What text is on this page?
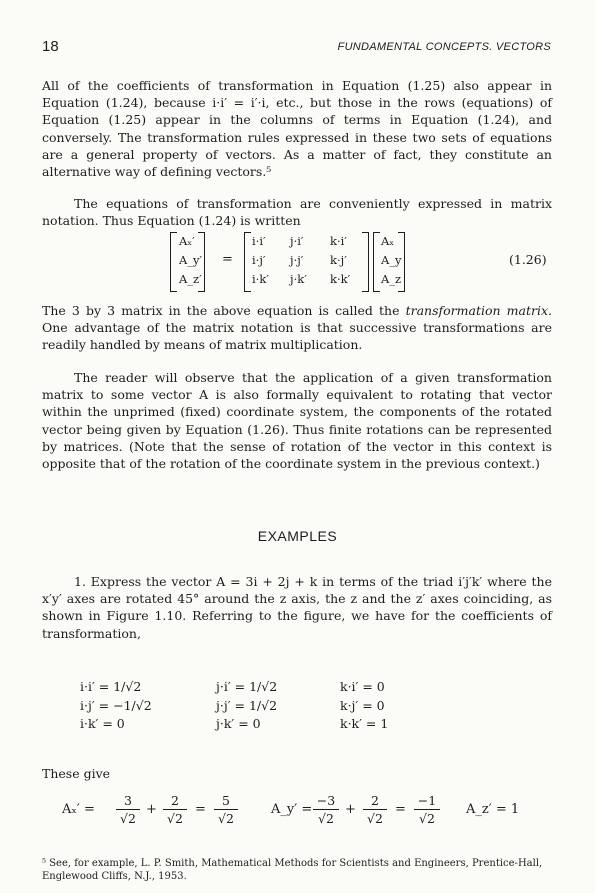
18	FUNDAMENTAL CONCEPTS. VECTORS

All of the coefficients of transformation in Equation (1.25) also appear in Equation (1.24), because i·i′ = i′·i, etc., but those in the rows (equations) of Equation (1.25) appear in the columns of terms in Equation (1.24), and conversely. The transformation rules expressed in these two sets of equations are a general property of vectors. As a matter of fact, they constitute an alternative way of defining vectors.⁵

The equations of transformation are conveniently expressed in matrix notation. Thus Equation (1.24) is written

Aₓ′
A_y′
A_z′
=
i·i′ j·i′ k·i′
i·j′ j·j′ k·j′
i·k′ j·k′ k·k′
Aₓ
A_y
A_z
(1.26)

The 3 by 3 matrix in the above equation is called the transformation matrix. One advantage of the matrix notation is that successive transformations are readily handled by means of matrix multiplication.

The reader will observe that the application of a given transformation matrix to some vector A is also formally equivalent to rotating that vector within the unprimed (fixed) coordinate system, the components of the rotated vector being given by Equation (1.26). Thus finite rotations can be represented by matrices. (Note that the sense of rotation of the vector in this context is opposite that of the rotation of the coordinate system in the previous context.)

EXAMPLES

1. Express the vector A = 3i + 2j + k in terms of the triad i′j′k′ where the x′y′ axes are rotated 45° around the z axis, the z and the z′ axes coinciding, as shown in Figure 1.10. Referring to the figure, we have for the coefficients of transformation,

i·i′ = 1/√2	j·i′ = 1/√2	k·i′ = 0
i·j′ = −1/√2	j·j′ = 1/√2	k·j′ = 0
i·k′ = 0	j·k′ = 0	k·k′ = 1
These give
Aₓ′ =
3
√2
+
2
√2
=
5
√2
A_y′ =
−3
√2
+
2
√2
=
−1
√2
A_z′ = 1
⁵ See, for example, L. P. Smith, Mathematical Methods for Scientists and Engineers, Prentice-Hall, Englewood Cliffs, N.J., 1953.
